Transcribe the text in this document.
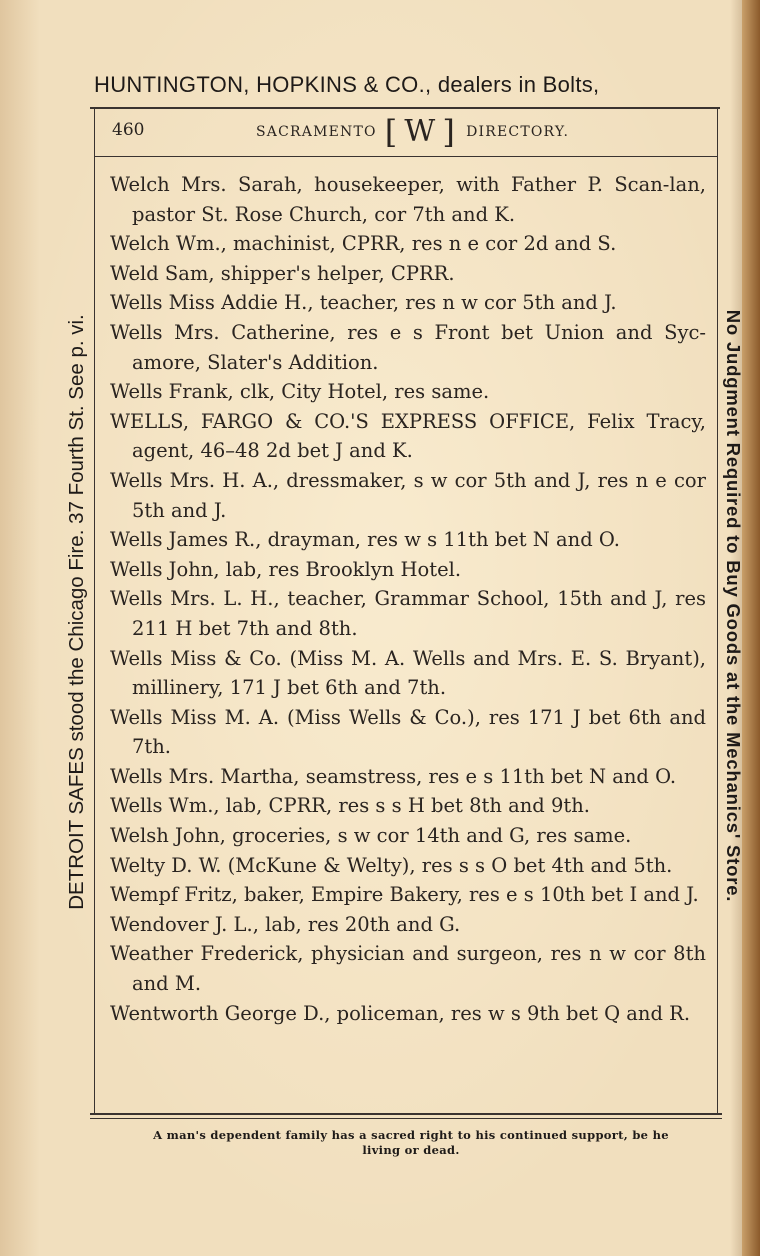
HUNTINGTON, HOPKINS & CO., dealers in Bolts,
460	SACRAMENTO [ W ] DIRECTORY.
Welch Mrs. Sarah, housekeeper, with Father P. Scan-lan, pastor St. Rose Church, cor 7th and K.
Welch Wm., machinist, CPRR, res n e cor 2d and S.
Weld Sam, shipper's helper, CPRR.
Wells Miss Addie H., teacher, res n w cor 5th and J.
Wells Mrs. Catherine, res e s Front bet Union and Syc-amore, Slater's Addition.
Wells Frank, clk, City Hotel, res same.
WELLS, FARGO & CO.'S EXPRESS OFFICE, Felix Tracy, agent, 46–48 2d bet J and K.
Wells Mrs. H. A., dressmaker, s w cor 5th and J, res n e cor 5th and J.
Wells James R., drayman, res w s 11th bet N and O.
Wells John, lab, res Brooklyn Hotel.
Wells Mrs. L. H., teacher, Grammar School, 15th and J, res 211 H bet 7th and 8th.
Wells Miss & Co. (Miss M. A. Wells and Mrs. E. S. Bryant), millinery, 171 J bet 6th and 7th.
Wells Miss M. A. (Miss Wells & Co.), res 171 J bet 6th and 7th.
Wells Mrs. Martha, seamstress, res e s 11th bet N and O.
Wells Wm., lab, CPRR, res s s H bet 8th and 9th.
Welsh John, groceries, s w cor 14th and G, res same.
Welty D. W. (McKune & Welty), res s s O bet 4th and 5th.
Wempf Fritz, baker, Empire Bakery, res e s 10th bet I and J.
Wendover J. L., lab, res 20th and G.
Weather Frederick, physician and surgeon, res n w cor 8th and M.
Wentworth George D., policeman, res w s 9th bet Q and R.
DETROIT SAFES stood the Chicago Fire. 37 Fourth St. See p. vi.	No Judgment Required to Buy Goods at the Mechanics' Store.
A man's dependent family has a sacred right to his continued support, be he
living or dead.
